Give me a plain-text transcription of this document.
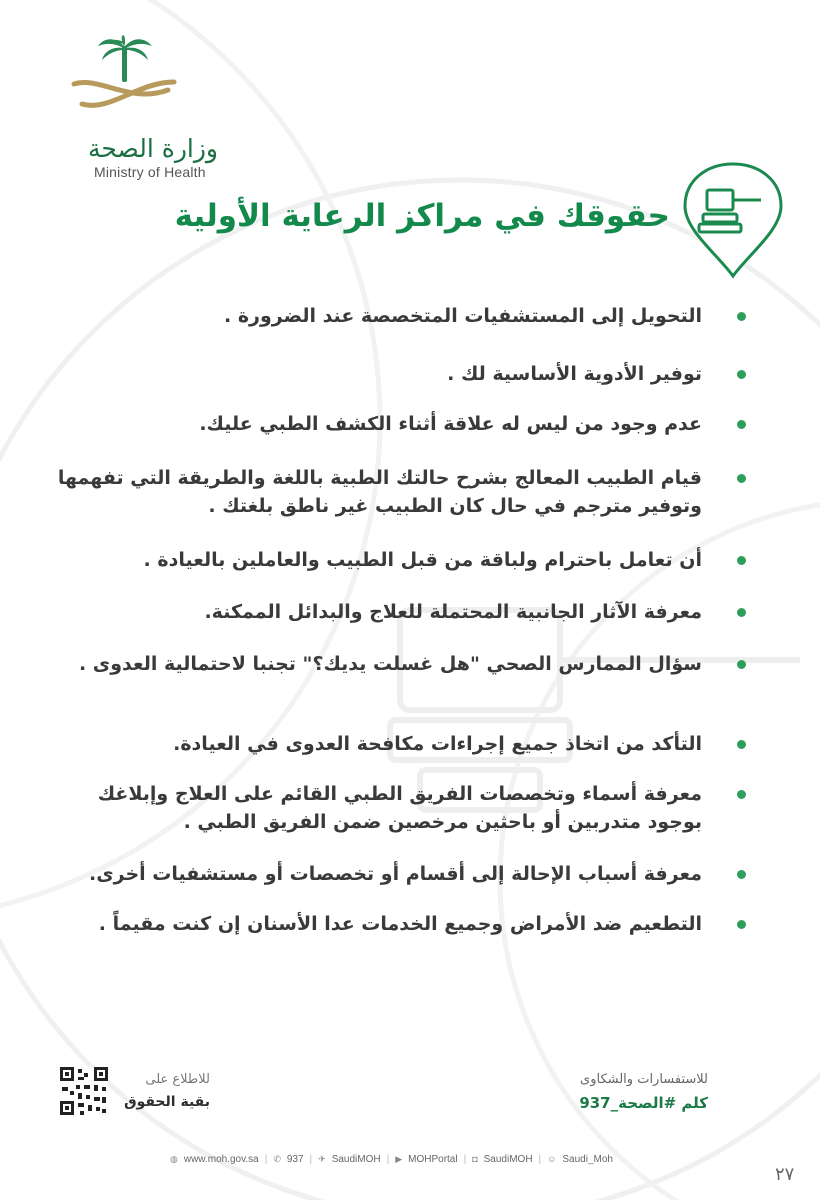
وزارة الصحة
Ministry of Health
حقوقك في مراكز الرعاية الأولية
التحويل إلى المستشفيات المتخصصة عند الضرورة .
توفير الأدوية الأساسية لك .
عدم وجود من ليس له علاقة أثناء الكشف الطبي عليك.
قيام الطبيب المعالج بشرح حالتك الطبية باللغة والطريقة التي تفهمها وتوفير مترجم في حال كان الطبيب غير ناطق بلغتك .
أن تعامل باحترام ولباقة من قبل الطبيب والعاملين بالعيادة .
معرفة الآثار الجانبية المحتملة للعلاج والبدائل الممكنة.
سؤال الممارس الصحي "هل غسلت يديك؟" تجنبا لاحتمالية العدوى .
التأكد من اتخاذ جميع إجراءات مكافحة العدوى في العيادة.
معرفة أسماء وتخصصات الفريق الطبي القائم على العلاج وإبلاغك بوجود متدربين أو باحثين مرخصين ضمن الفريق الطبي .
معرفة أسباب الإحالة إلى أقسام أو تخصصات أو مستشفيات أخرى.
التطعيم ضد الأمراض وجميع الخدمات عدا الأسنان إن كنت مقيماً .
للاطلاع على
بقية الحقوق
للاستفسارات والشكاوى
كلم #الصحة_937
◍ www.moh.gov.sa | ✆ 937 | ✈ SaudiMOH | ▶ MOHPortal | ◘ SaudiMOH | ☺ Saudi_Moh
٢٧
